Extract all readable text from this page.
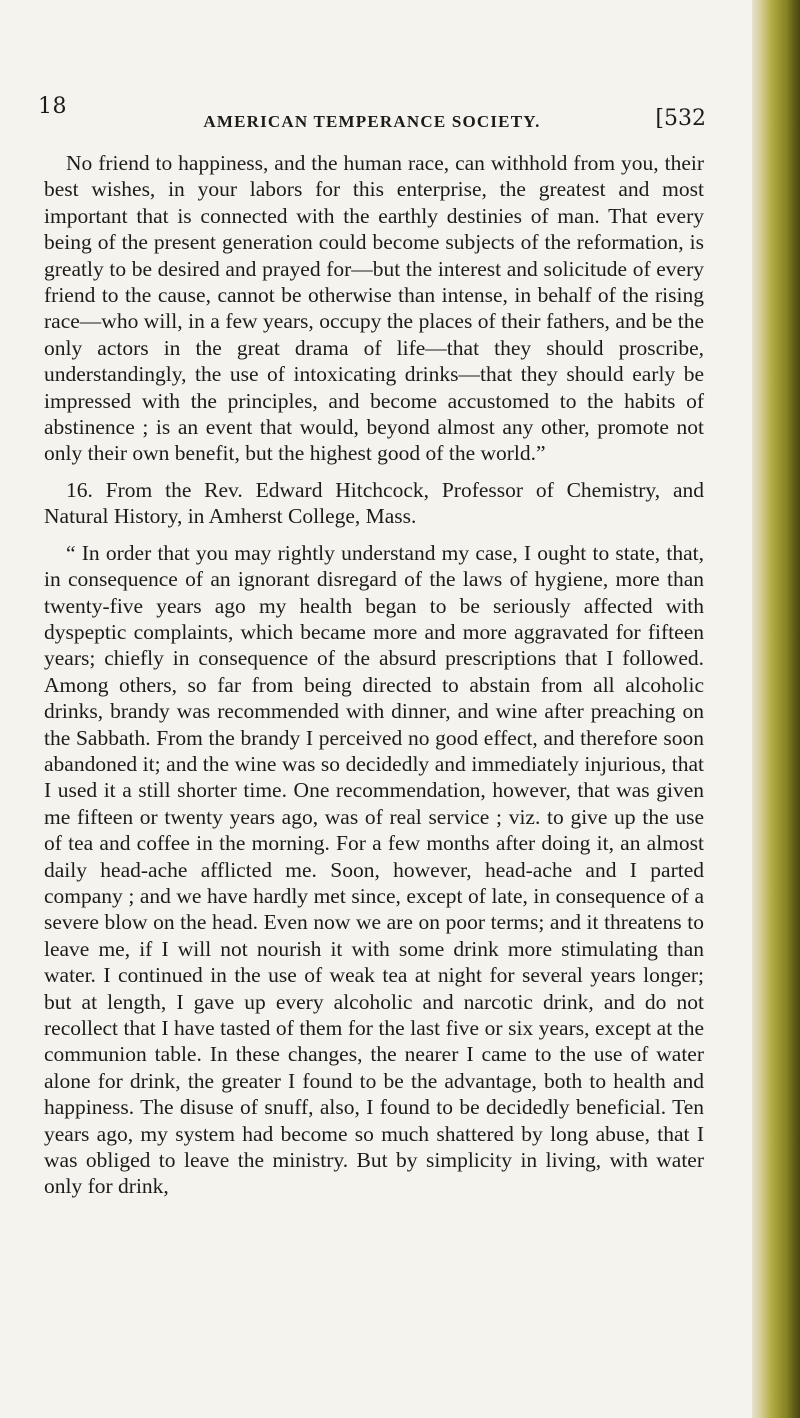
18
AMERICAN TEMPERANCE SOCIETY.	[532

No friend to happiness, and the human race, can withhold from you, their best wishes, in your labors for this enterprise, the greatest and most important that is connected with the earthly destinies of man. That every being of the present generation could become subjects of the reformation, is greatly to be desired and prayed for—but the interest and solicitude of every friend to the cause, cannot be otherwise than intense, in behalf of the rising race—who will, in a few years, occupy the places of their fathers, and be the only actors in the great drama of life—that they should proscribe, understandingly, the use of intoxicating drinks—that they should early be impressed with the principles, and become accustomed to the habits of abstinence ; is an event that would, beyond almost any other, promote not only their own benefit, but the highest good of the world.”

16. From the Rev. Edward Hitchcock, Professor of Chemistry, and Natural History, in Amherst College, Mass.

“ In order that you may rightly understand my case, I ought to state, that, in consequence of an ignorant disregard of the laws of hygiene, more than twenty-five years ago my health began to be seriously affected with dyspeptic complaints, which became more and more aggravated for fifteen years; chiefly in consequence of the absurd prescriptions that I followed. Among others, so far from being directed to abstain from all alcoholic drinks, brandy was recommended with dinner, and wine after preaching on the Sabbath. From the brandy I perceived no good effect, and therefore soon abandoned it; and the wine was so decidedly and immediately injurious, that I used it a still shorter time. One recommendation, however, that was given me fifteen or twenty years ago, was of real service ; viz. to give up the use of tea and coffee in the morning. For a few months after doing it, an almost daily head-ache afflicted me. Soon, however, head-ache and I parted company ; and we have hardly met since, except of late, in consequence of a severe blow on the head. Even now we are on poor terms; and it threatens to leave me, if I will not nourish it with some drink more stimulating than water. I continued in the use of weak tea at night for several years longer; but at length, I gave up every alcoholic and narcotic drink, and do not recollect that I have tasted of them for the last five or six years, except at the communion table. In these changes, the nearer I came to the use of water alone for drink, the greater I found to be the advantage, both to health and happiness. The disuse of snuff, also, I found to be decidedly beneficial. Ten years ago, my system had become so much shattered by long abuse, that I was obliged to leave the ministry. But by simplicity in living, with water only for drink,
